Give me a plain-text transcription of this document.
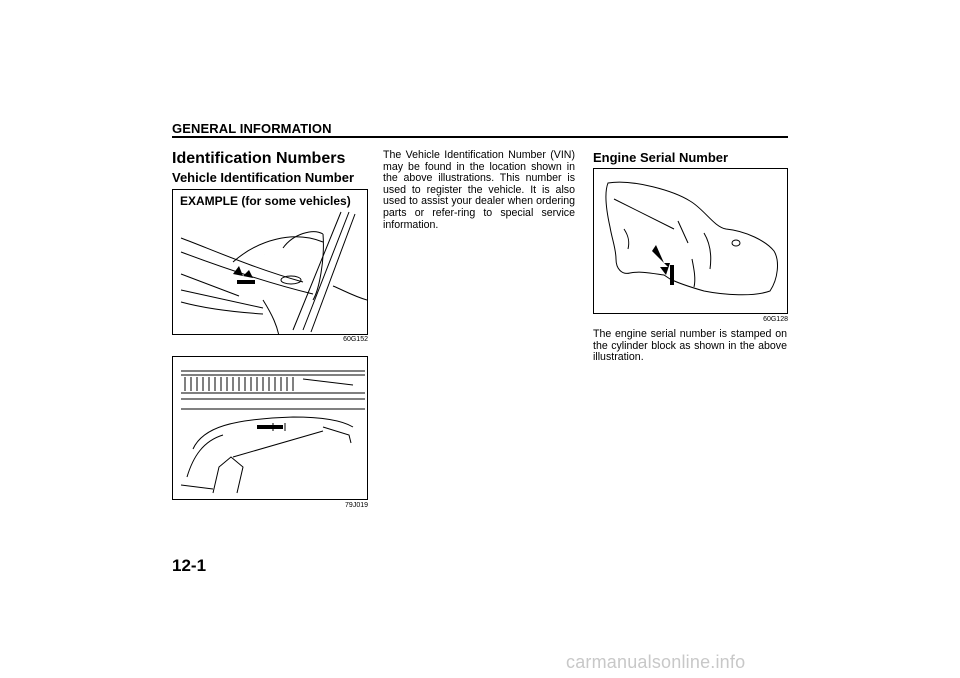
GENERAL INFORMATION
Identification Numbers
Vehicle Identification Number
EXAMPLE (for some vehicles)
60G152
79J019
The Vehicle Identification Number (VIN) may be found in the location shown in the above illustrations. This number is used to register the vehicle. It is also used to assist your dealer when ordering parts or refer-ring to special service information.
Engine Serial Number
60G128
The engine serial number is stamped on the cylinder block as shown in the above illustration.
12-1
carmanualsonline.info
